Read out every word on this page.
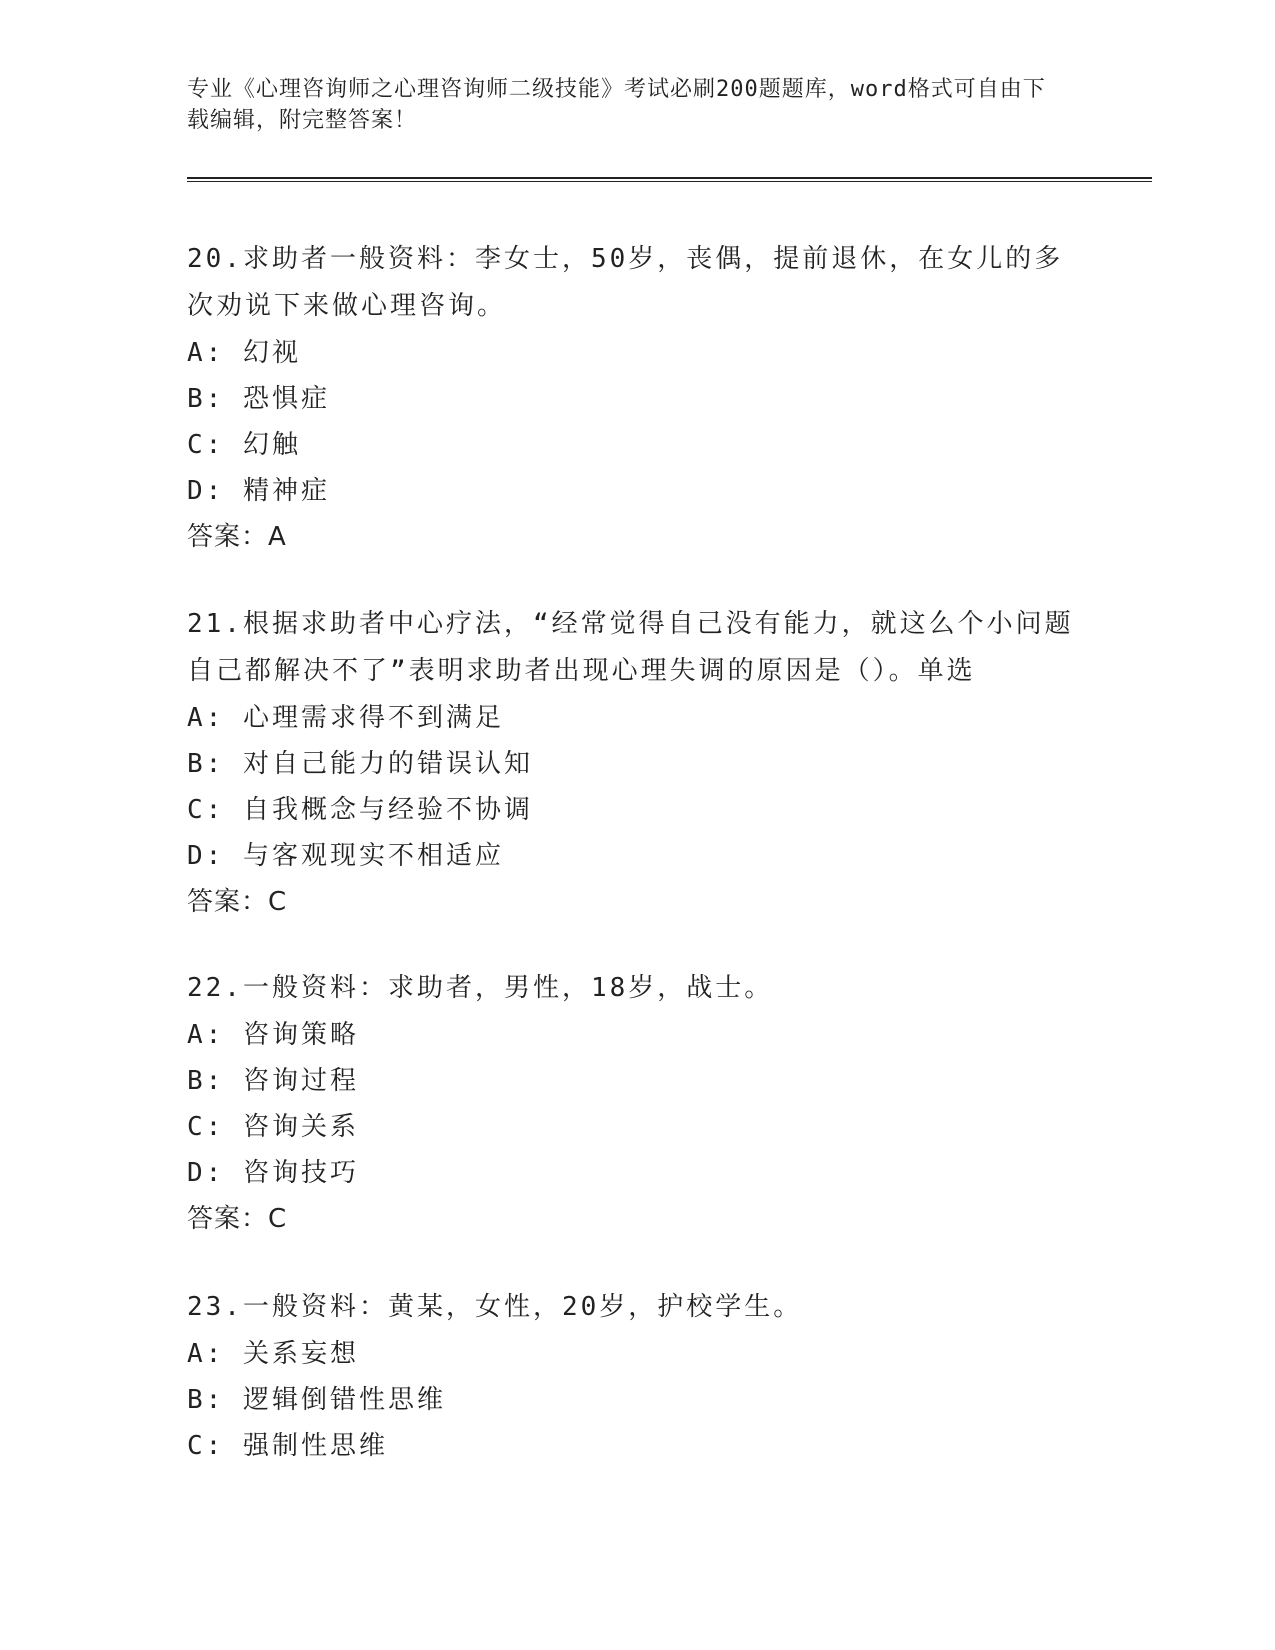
专业《心理咨询师之心理咨询师二级技能》考试必刷200题题库，word格式可自由下载编辑，附完整答案！
20.求助者一般资料：李女士，50岁，丧偶，提前退休，在女儿的多次劝说下来做心理咨询。
A: 幻视
B: 恐惧症
C: 幻触
D: 精神症
答案：A
21.根据求助者中心疗法，“经常觉得自己没有能力，就这么个小问题自己都解决不了”表明求助者出现心理失调的原因是（）。单选
A: 心理需求得不到满足
B: 对自己能力的错误认知
C: 自我概念与经验不协调
D: 与客观现实不相适应
答案：C
22.一般资料：求助者，男性，18岁，战士。
A: 咨询策略
B: 咨询过程
C: 咨询关系
D: 咨询技巧
答案：C
23.一般资料：黄某，女性，20岁，护校学生。
A: 关系妄想
B: 逻辑倒错性思维
C: 强制性思维
